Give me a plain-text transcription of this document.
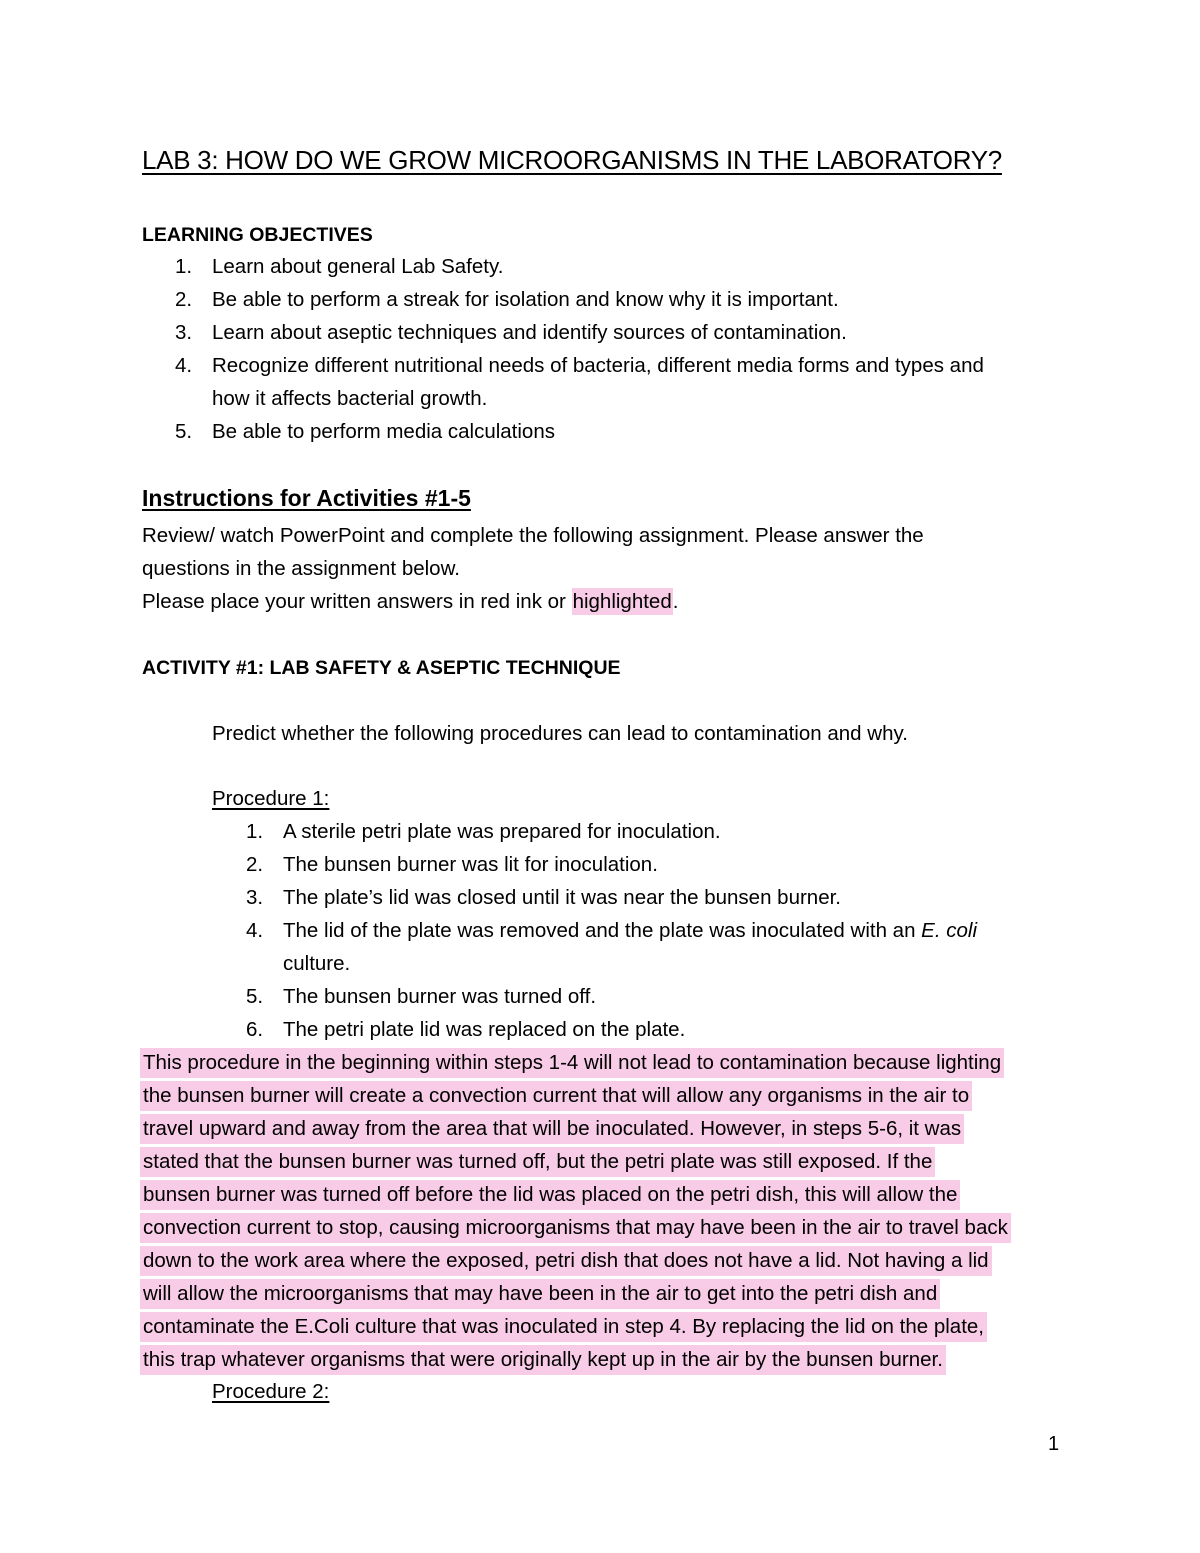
LAB 3: HOW DO WE GROW MICROORGANISMS IN THE LABORATORY?
LEARNING OBJECTIVES
1. Learn about general Lab Safety.
2. Be able to perform a streak for isolation and know why it is important.
3. Learn about aseptic techniques and identify sources of contamination.
4. Recognize different nutritional needs of bacteria, different media forms and types and
how it affects bacterial growth.
5. Be able to perform media calculations
Instructions for Activities #1-5
Review/ watch PowerPoint and complete the following assignment. Please answer the
questions in the assignment below.
Please place your written answers in red ink or highlighted.
ACTIVITY #1: LAB SAFETY & ASEPTIC TECHNIQUE
Predict whether the following procedures can lead to contamination and why.
Procedure 1:
1. A sterile petri plate was prepared for inoculation.
2. The bunsen burner was lit for inoculation.
3. The plate’s lid was closed until it was near the bunsen burner.
4. The lid of the plate was removed and the plate was inoculated with an E. coli
culture.
5. The bunsen burner was turned off.
6. The petri plate lid was replaced on the plate.
This procedure in the beginning within steps 1-4 will not lead to contamination because lighting
the bunsen burner will create a convection current that will allow any organisms in the air to
travel upward and away from the area that will be inoculated. However, in steps 5-6, it was
stated that the bunsen burner was turned off, but the petri plate was still exposed. If the
bunsen burner was turned off before the lid was placed on the petri dish, this will allow the
convection current to stop, causing microorganisms that may have been in the air to travel back
down to the work area where the exposed, petri dish that does not have a lid. Not having a lid
will allow the microorganisms that may have been in the air to get into the petri dish and
contaminate the E.Coli culture that was inoculated in step 4. By replacing the lid on the plate,
this trap whatever organisms that were originally kept up in the air by the bunsen burner.
Procedure 2:
1
